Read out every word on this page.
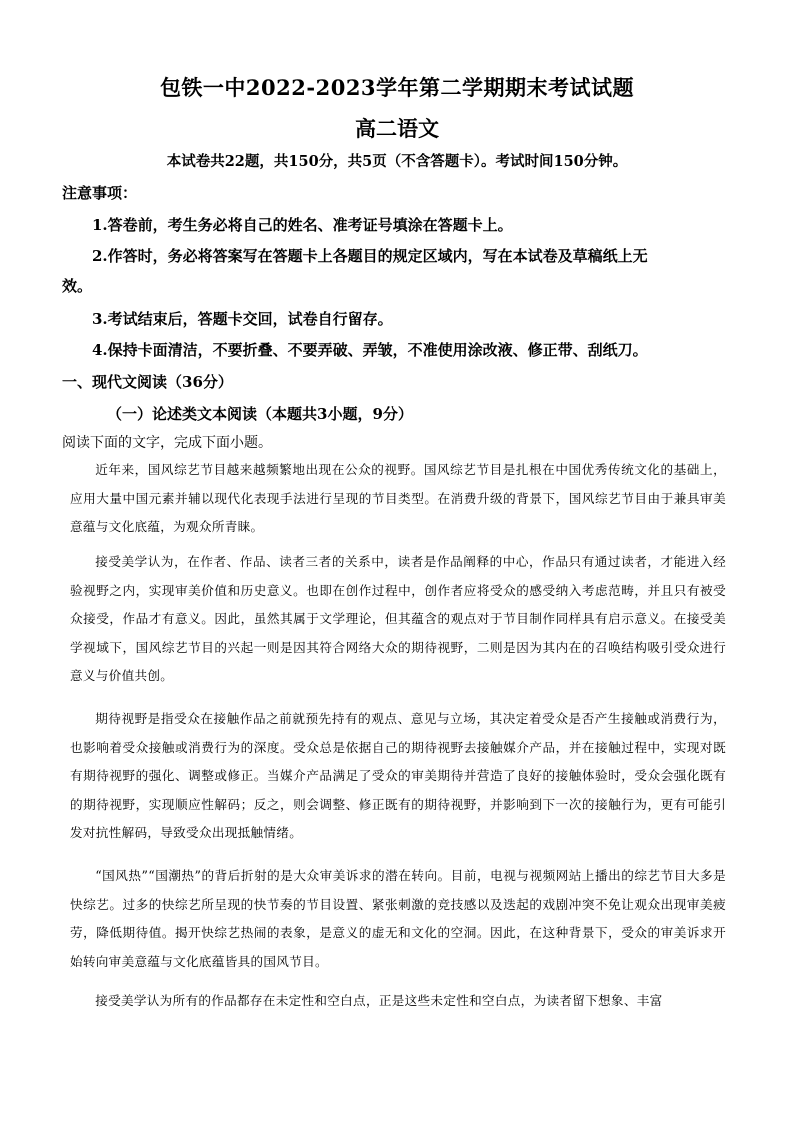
包铁一中2022-2023学年第二学期期末考试试题
高二语文
本试卷共22题，共150分，共5页（不含答题卡）。考试时间150分钟。
注意事项：
1.答卷前，考生务必将自己的姓名、准考证号填涂在答题卡上。
2.作答时，务必将答案写在答题卡上各题目的规定区域内，写在本试卷及草稿纸上无
效。
3.考试结束后，答题卡交回，试卷自行留存。
4.保持卡面清洁，不要折叠、不要弄破、弄皱，不准使用涂改液、修正带、刮纸刀。
一、现代文阅读（36分）
（一）论述类文本阅读（本题共3小题，9分）
阅读下面的文字，完成下面小题。
近年来，国风综艺节目越来越频繁地出现在公众的视野。国风综艺节目是扎根在中国优秀传统文化的基础上，应用大量中国元素并辅以现代化表现手法进行呈现的节目类型。在消费升级的背景下，国风综艺节目由于兼具审美意蕴与文化底蕴，为观众所青睐。
接受美学认为，在作者、作品、读者三者的关系中，读者是作品阐释的中心，作品只有通过读者，才能进入经验视野之内，实现审美价值和历史意义。也即在创作过程中，创作者应将受众的感受纳入考虑范畴，并且只有被受众接受，作品才有意义。因此，虽然其属于文学理论，但其蕴含的观点对于节目制作同样具有启示意义。在接受美学视域下，国风综艺节目的兴起一则是因其符合网络大众的期待视野，二则是因为其内在的召唤结构吸引受众进行意义与价值共创。
期待视野是指受众在接触作品之前就预先持有的观点、意见与立场，其决定着受众是否产生接触或消费行为，也影响着受众接触或消费行为的深度。受众总是依据自己的期待视野去接触媒介产品，并在接触过程中，实现对既有期待视野的强化、调整或修正。当媒介产品满足了受众的审美期待并营造了良好的接触体验时，受众会强化既有的期待视野，实现顺应性解码；反之，则会调整、修正既有的期待视野，并影响到下一次的接触行为，更有可能引发对抗性解码，导致受众出现抵触情绪。
“国风热”“国潮热”的背后折射的是大众审美诉求的潜在转向。目前，电视与视频网站上播出的综艺节目大多是快综艺。过多的快综艺所呈现的快节奏的节目设置、紧张刺激的竞技感以及迭起的戏剧冲突不免让观众出现审美疲劳，降低期待值。揭开快综艺热闹的表象，是意义的虚无和文化的空洞。因此，在这种背景下，受众的审美诉求开始转向审美意蕴与文化底蕴皆具的国风节目。
接受美学认为所有的作品都存在未定性和空白点，正是这些未定性和空白点，为读者留下想象、丰富
